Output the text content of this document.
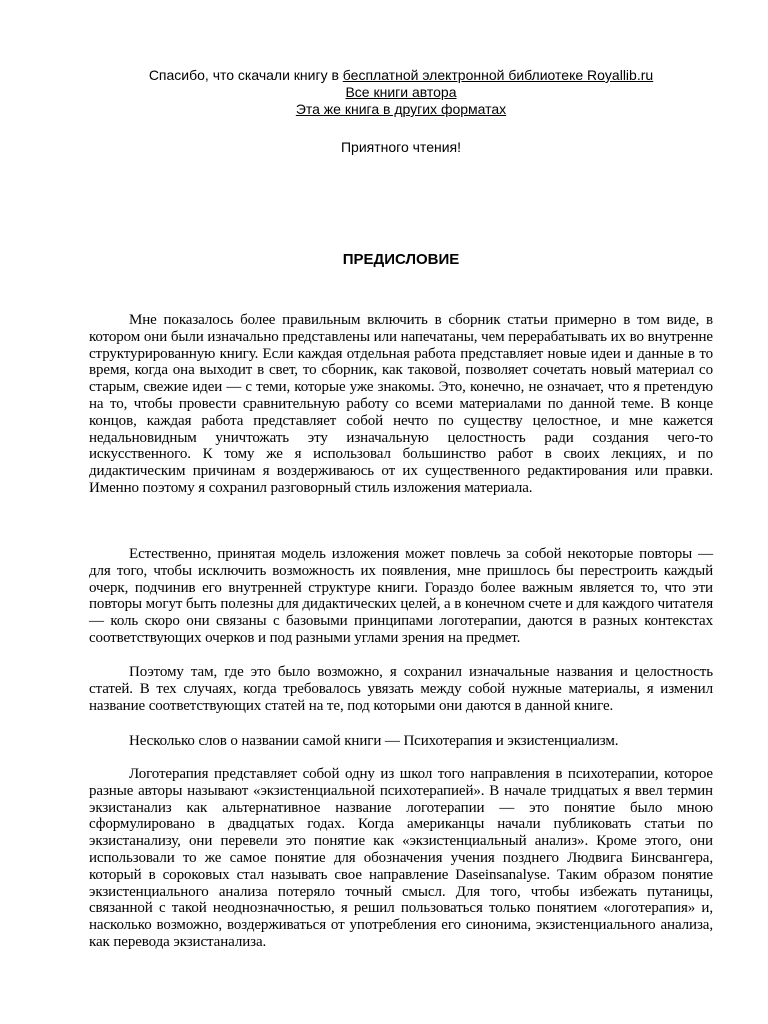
Спасибо, что скачали книгу в бесплатной электронной библиотеке Royallib.ru
Все книги автора
Эта же книга в других форматах
Приятного чтения!
ПРЕДИСЛОВИЕ

Мне показалось более правильным включить в сборник статьи примерно в том виде, в котором они были изначально представлены или напечатаны, чем перерабатывать их во внутренне структурированную книгу. Если каждая отдельная работа представляет новые идеи и данные в то время, когда она выходит в свет, то сборник, как таковой, позволяет сочетать новый материал со старым, свежие идеи — с теми, которые уже знакомы. Это, конечно, не означает, что я претендую на то, чтобы провести сравнительную работу со всеми материалами по данной теме. В конце концов, каждая работа представляет собой нечто по существу целостное, и мне кажется недальновидным уничтожать эту изначальную целостность ради создания чего-то искусственного. К тому же я использовал большинство работ в своих лекциях, и по дидактическим причинам я воздерживаюсь от их существенного редактирования или правки. Именно поэтому я сохранил разговорный стиль изложения материала.

Естественно, принятая модель изложения может повлечь за собой некоторые повторы — для того, чтобы исключить возможность их появления, мне пришлось бы перестроить каждый очерк, подчинив его внутренней структуре книги. Гораздо более важным является то, что эти повторы могут быть полезны для дидактических целей, а в конечном счете и для каждого читателя — коль скоро они связаны с базовыми принципами логотерапии, даются в разных контекстах соответствующих очерков и под разными углами зрения на предмет.

Поэтому там, где это было возможно, я сохранил изначальные названия и целостность статей. В тех случаях, когда требовалось увязать между собой нужные материалы, я изменил название соответствующих статей на те, под которыми они даются в данной книге.

Несколько слов о названии самой книги — Психотерапия и экзистенциализм.

Логотерапия представляет собой одну из школ того направления в психотерапии, которое разные авторы называют «экзистенциальной психотерапией». В начале тридцатых я ввел термин экзистанализ как альтернативное название логотерапии — это понятие было мною сформулировано в двадцатых годах. Когда американцы начали публиковать статьи по экзистанализу, они перевели это понятие как «экзистенциальный анализ». Кроме этого, они использовали то же самое понятие для обозначения учения позднего Людвига Бинсвангера, который в сороковых стал называть свое направление Daseinsanalyse. Таким образом понятие экзистенциального анализа потеряло точный смысл. Для того, чтобы избежать путаницы, связанной с такой неоднозначностью, я решил пользоваться только понятием «логотерапия» и, насколько возможно, воздерживаться от употребления его синонима, экзистенциального анализа, как перевода экзистанализа.
